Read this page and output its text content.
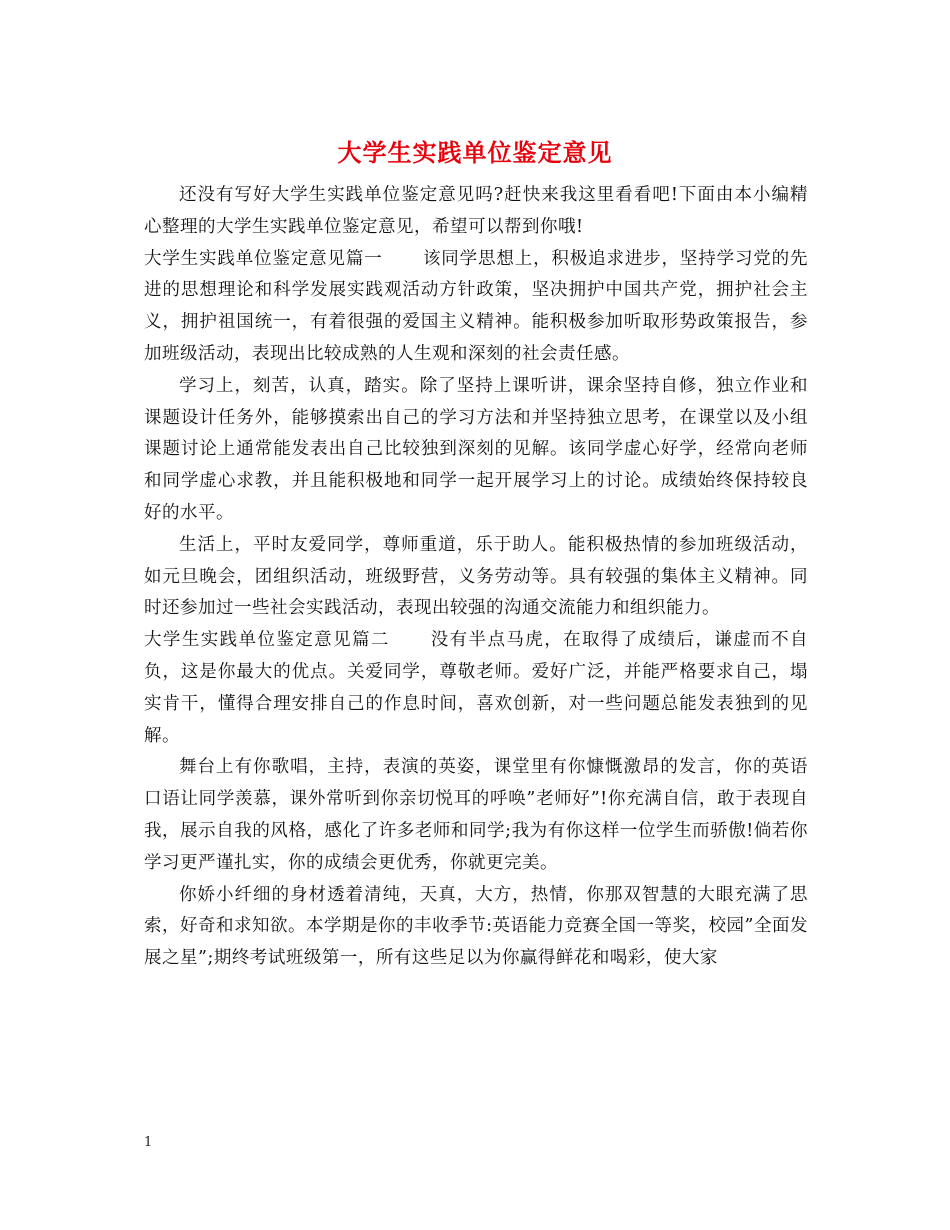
大学生实践单位鉴定意见

还没有写好大学生实践单位鉴定意见吗?赶快来我这里看看吧!下面由本小编精心整理的大学生实践单位鉴定意见，希望可以帮到你哦!

大学生实践单位鉴定意见篇一 该同学思想上，积极追求进步，坚持学习党的先进的思想理论和科学发展实践观活动方针政策，坚决拥护中国共产党，拥护社会主义，拥护祖国统一，有着很强的爱国主义精神。能积极参加听取形势政策报告，参加班级活动，表现出比较成熟的人生观和深刻的社会责任感。

学习上，刻苦，认真，踏实。除了坚持上课听讲，课余坚持自修，独立作业和课题设计任务外，能够摸索出自己的学习方法和并坚持独立思考，在课堂以及小组课题讨论上通常能发表出自己比较独到深刻的见解。该同学虚心好学，经常向老师和同学虚心求教，并且能积极地和同学一起开展学习上的讨论。成绩始终保持较良好的水平。

生活上，平时友爱同学，尊师重道，乐于助人。能积极热情的参加班级活动，如元旦晚会，团组织活动，班级野营，义务劳动等。具有较强的集体主义精神。同时还参加过一些社会实践活动，表现出较强的沟通交流能力和组织能力。

大学生实践单位鉴定意见篇二 没有半点马虎，在取得了成绩后，谦虚而不自负，这是你最大的优点。关爱同学，尊敬老师。爱好广泛，并能严格要求自己，塌实肯干，懂得合理安排自己的作息时间，喜欢创新，对一些问题总能发表独到的见解。

舞台上有你歌唱，主持，表演的英姿，课堂里有你慷慨激昂的发言，你的英语口语让同学羡慕，课外常听到你亲切悦耳的呼唤”老师好”!你充满自信，敢于表现自我，展示自我的风格，感化了许多老师和同学;我为有你这样一位学生而骄傲!倘若你学习更严谨扎实，你的成绩会更优秀，你就更完美。

你娇小纤细的身材透着清纯，天真，大方，热情，你那双智慧的大眼充满了思索，好奇和求知欲。本学期是你的丰收季节:英语能力竞赛全国一等奖，校园”全面发展之星”;期终考试班级第一，所有这些足以为你赢得鲜花和喝彩，使大家

1
